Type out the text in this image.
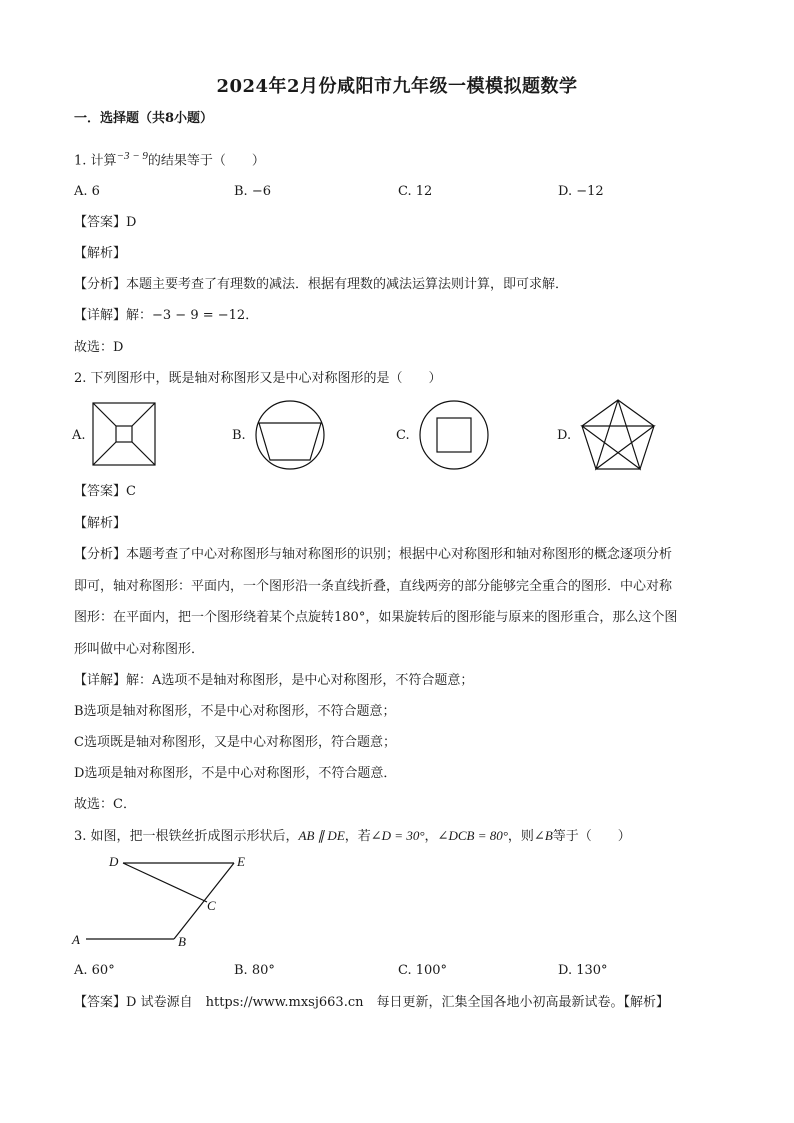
2024年2月份咸阳市九年级一模模拟题数学
一．选择题（共8小题）
1. 计算$^{-3 - 9}$的结果等于（　　）
A. 6	B. −6	C. 12	D. −12
【答案】D
【解析】
【分析】本题主要考查了有理数的减法．根据有理数的减法运算法则计算，即可求解．
【详解】解：−3 − 9 = −12．
故选：D
2. 下列图形中，既是轴对称图形又是中心对称图形的是（　　）
A.	B.	C.	D.
【答案】C
【解析】
【分析】本题考查了中心对称图形与轴对称图形的识别；根据中心对称图形和轴对称图形的概念逐项分析
即可，轴对称图形：平面内，一个图形沿一条直线折叠，直线两旁的部分能够完全重合的图形．中心对称
图形：在平面内，把一个图形绕着某个点旋转180°，如果旋转后的图形能与原来的图形重合，那么这个图
形叫做中心对称图形．
【详解】解：A选项不是轴对称图形，是中心对称图形，不符合题意；
B选项是轴对称图形，不是中心对称图形，不符合题意；
C选项既是轴对称图形，又是中心对称图形，符合题意；
D选项是轴对称图形，不是中心对称图形，不符合题意．
故选：C．
3. 如图，把一根铁丝折成图示形状后，AB ∥ DE，若∠D = 30°，∠DCB = 80°，则∠B等于（　　）
D	E
C
A	B
A. 60°	B. 80°	C. 100°	D. 130°
【答案】D 试卷源自　https://www.mxsj663.cn　每日更新，汇集全国各地小初高最新试卷。【解析】
